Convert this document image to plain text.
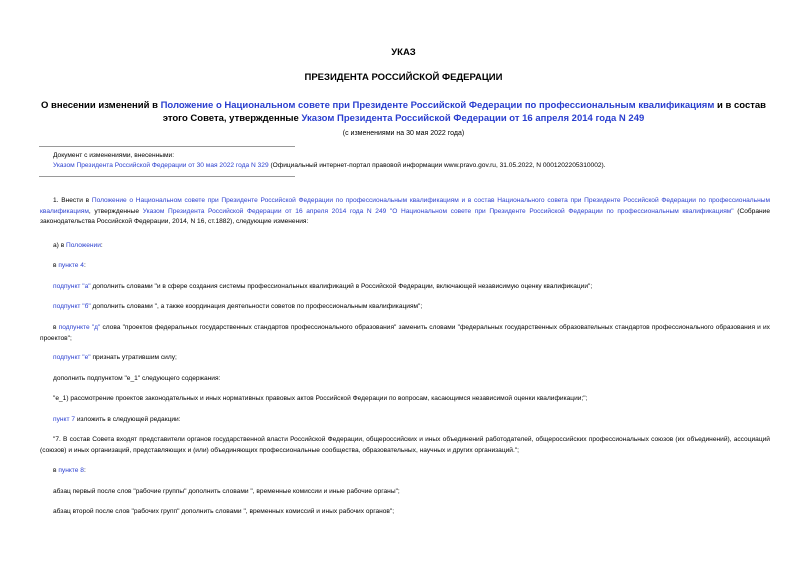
УКАЗ
ПРЕЗИДЕНТА РОССИЙСКОЙ ФЕДЕРАЦИИ
О внесении изменений в Положение о Национальном совете при Президенте Российской Федерации по профессиональным квалификациям и в состав этого Совета, утвержденные Указом Президента Российской Федерации от 16 апреля 2014 года N 249
(с изменениями на 30 мая 2022 года)
Документ с изменениями, внесенными:
Указом Президента Российской Федерации от 30 мая 2022 года N 329 (Официальный интернет-портал правовой информации www.pravo.gov.ru, 31.05.2022, N 0001202205310002).
1. Внести в Положение о Национальном совете при Президенте Российской Федерации по профессиональным квалификациям и в состав Национального совета при Президенте Российской Федерации по профессиональным квалификациям, утвержденные Указом Президента Российской Федерации от 16 апреля 2014 года N 249 "О Национальном совете при Президенте Российской Федерации по профессиональным квалификациям" (Собрание законодательства Российской Федерации, 2014, N 16, ст.1882), следующие изменения:
а) в Положении:
в пункте 4:
подпункт "а" дополнить словами "и в сфере создания системы профессиональных квалификаций в Российской Федерации, включающей независимую оценку квалификации";
подпункт "б" дополнить словами ", а также координация деятельности советов по профессиональным квалификациям";
в подпункте "д" слова "проектов федеральных государственных стандартов профессионального образования" заменить словами "федеральных государственных образовательных стандартов профессионального образования и их проектов";
подпункт "е" признать утратившим силу;
дополнить подпунктом "е_1" следующего содержания:
"е_1) рассмотрение проектов законодательных и иных нормативных правовых актов Российской Федерации по вопросам, касающимся независимой оценки квалификации;";
пункт 7 изложить в следующей редакции:
"7. В состав Совета входят представители органов государственной власти Российской Федерации, общероссийских и иных объединений работодателей, общероссийских профессиональных союзов (их объединений), ассоциаций (союзов) и иных организаций, представляющих и (или) объединяющих профессиональные сообщества, образовательных, научных и других организаций.";
в пункте 8:
абзац первый после слов "рабочие группы" дополнить словами ", временные комиссии и иные рабочие органы";
абзац второй после слов "рабочих групп" дополнить словами ", временных комиссий и иных рабочих органов";
